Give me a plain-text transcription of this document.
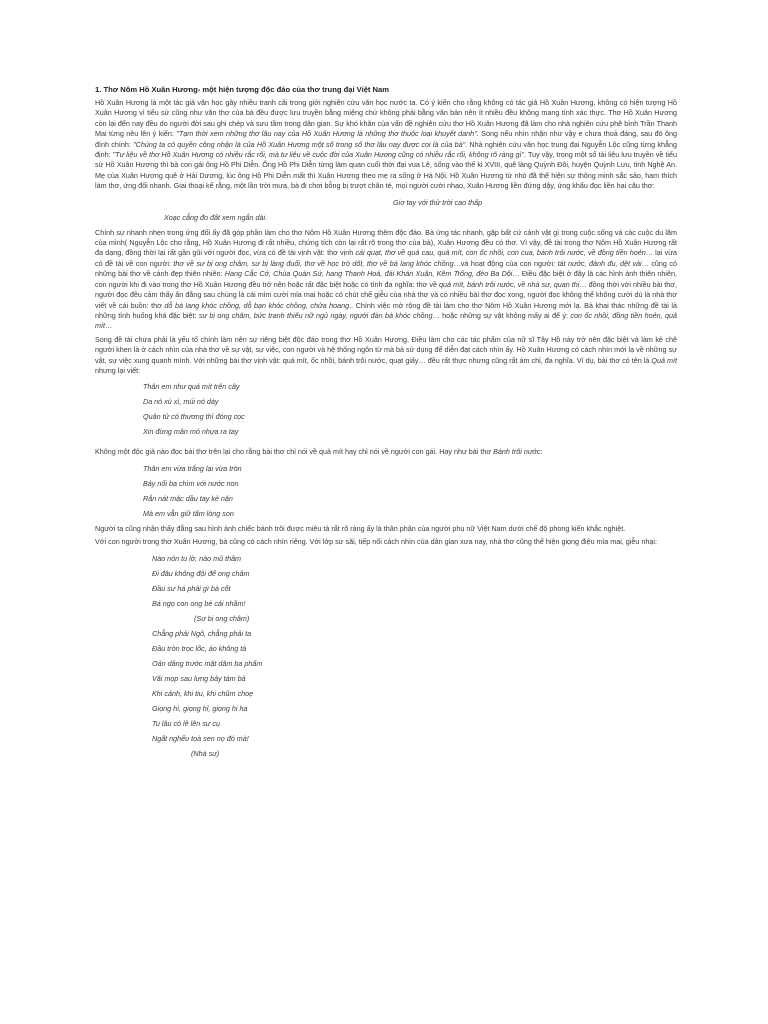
1. Thơ Nôm Hồ Xuân Hương- một hiện tượng độc đáo của thơ trung đại Việt Nam
Hồ Xuân Hương là một tác giả văn học gây nhiều tranh cãi trong giới nghiên cứu văn học nước ta. Có ý kiến cho rằng không có tác giả Hồ Xuân Hương, không có hiện tượng Hồ Xuân Hương vì tiểu sử cũng như văn thơ của bà đều được lưu truyền bằng miệng chứ không phải bằng văn bản nên ít nhiều đều không mang tính xác thực. Thơ Hồ Xuân Hương còn lại đến nay đều do người đời sau ghi chép và sưu tầm trong dân gian. Sự khó khăn của vấn đề nghiên cứu thơ Hồ Xuân Hương đã làm cho nhà nghiên cứu phê bình Trần Thanh Mai từng nêu lên ý kiến: "Tạm thời xem những thơ lâu nay của Hồ Xuân Hương là những thơ thuộc loại khuyết danh". Song nếu nhìn nhận như vậy e chưa thoả đáng, sau đó ông đính chính: "Chúng ta có quyền công nhận là của Hồ Xuân Hương một số trong số thơ lâu nay được coi là của bà". Nhà nghiên cứu văn học trung đại Nguyễn Lộc cũng từng khẳng định: "Tư liệu về thơ Hồ Xuân Hương có nhiều rắc rối, mà tư liệu về cuộc đời của Xuân Hương cũng có nhiều rắc rối, không rõ ràng gì". Tuy vậy, trong một số tài liệu lưu truyền về tiểu sử Hồ Xuân Hương thì bà con gái ông Hồ Phi Diễn. Ông Hồ Phi Diễn từng làm quan cuối thời đại vua Lê, sống vào thế kỉ XVIII, quê làng Quỳnh Đôi, huyện Quỳnh Lưu, tỉnh Nghệ An. Mẹ của Xuân Hương quê ở Hải Dương, lúc ông Hồ Phi Diễn mất thì Xuân Hương theo mẹ ra sống ở Hà Nội. Hồ Xuân Hương từ nhỏ đã thể hiện sự thông minh sắc sảo, ham thích làm thơ, ứng đối nhanh. Giai thoại kể rằng, một lần trời mưa, bà đi chơi bỗng bị trượt chân té, mọi người cười nhạo, Xuân Hương liền đứng dậy, ứng khẩu đọc liền hai câu thơ:
Giơ tay với thử trời cao thấp
Xoạc cẳng đo đất xem ngắn dài.
Chính sự nhanh nhẹn trong ứng đối ấy đã góp phần làm cho thơ Nôm Hồ Xuân Hương thêm độc đáo. Bà ứng tác nhanh, gặp bất cứ cảnh vật gì trong cuộc sống và các cuộc du lãm của mình( Nguyễn Lộc cho rằng, Hồ Xuân Hương đi rất nhiều, chứng tích còn lại rất rõ trong thơ của bà), Xuân Hương đều có thơ. Vì vậy, đề tài trong thơ Nôm Hồ Xuân Hương rất đa dạng, đồng thời lại rất gần gũi với người đọc, vừa có đề tài vịnh vật: thơ vịnh cái quạt, thơ về quả cau, quả mít, con ốc nhồi, con cua, bánh trôi nước, về đồng tiền hoẻn… lại vừa có đề tài về con người: thơ về sư bị ong châm, sư bị làng đuổi, thơ về học trò dốt, thơ về bà lang khóc chồng…và hoạt động của con người: tát nước, đánh đu, dệt vải… cũng có những bài thơ về cảnh đẹp thiên nhiên: Hang Cắc Cớ, Chùa Quán Sứ, hang Thanh Hoá, đài Khán Xuân, Kẽm Trống, đèo Ba Dội… Điều đặc biệt ở đây là các hình ảnh thiên nhiên, con người khi đi vào trong thơ Hồ Xuân Hương đều trở nên hoặc rất đặc biệt hoặc có tính đa nghĩa: thơ về quả mít, bánh trôi nước, về nhà sư, quan thị… đồng thời với nhiều bài thơ, người đọc đều cảm thấy ẩn đằng sau chúng là cái mỉm cười mỉa mai hoặc có chút chế giễu của nhà thơ và có nhiều bài thơ đọc xong, người đọc không thể không cười dù là nhà thơ viết về cái buồn: thơ dỗ bà lang khóc chồng, dỗ bạn khóc chồng, chửa hoang.. Chính việc mở rộng đề tài làm cho thơ Nôm Hồ Xuân Hương mới lạ. Bà khai thác những đề tài là những tình huống khá đặc biệt: sư bị ong châm, bức tranh thiếu nữ ngủ ngày, người đàn bà khóc chồng… hoặc những sự vật không mấy ai để ý: con ốc nhồi, đồng tiền hoẻn, quả mít…
Song đề tài chưa phải là yếu tố chính làm nên sự riêng biệt độc đáo trong thơ Hồ Xuân Hương. Điều làm cho các tác phẩm của nữ sĩ Tây Hồ này trở nên đặc biệt và làm kẻ chê người khen là ở cách nhìn của nhà thơ về sự vật, sự việc, con người và hệ thống ngôn từ mà bà sử dụng để diễn đạt cách nhìn ấy. Hồ Xuân Hương có cách nhìn mới lạ về những sự vật, sự việc xung quanh mình. Với những bài thơ vịnh vật: quả mít, ốc nhồi, bánh trôi nước, quạt giấy… đều rất thực nhưng cũng rất ám chỉ, đa nghĩa. Ví dụ, bài thơ có tên là Quả mít nhưng lại viết:
Thân em như quả mít trên cây
Da nó xù xì, múi nó dày
Quân tử có thương thì đóng cọc
Xin đừng mân mó nhựa ra tay
Không một độc giả nào đọc bài thơ trên lại cho rằng bài thơ chỉ nói về quả mít hay chỉ nói về người con gái. Hay như bài thơ Bánh trôi nước:
Thân em vừa trắng lại vừa tròn
Bảy nổi ba chìm với nước non
Rắn nát mặc dầu tay kẻ nặn
Mà em vẫn giữ tấm lòng son
Người ta cũng nhận thấy đằng sau hình ảnh chiếc bánh trôi được miêu tả rất rõ ràng ấy là thân phận của người phụ nữ Việt Nam dưới chế độ phong kiến khắc nghiệt.
Với con người trong thơ Xuân Hương, bà cũng có cách nhìn riêng. Với lớp sư sãi, tiếp nối cách nhìn của dân gian xưa nay, nhà thơ cũng thể hiện giọng điệu mỉa mai, giễu nhại:
Nào nón tu lờ, nào mũ thâm
Đi đâu không đội để ong châm
Đầu sư há phải gì bà cốt
Bá ngọ con ong bé cái nhầm!
(Sư bị ong châm)
Chẳng phải Ngô, chẳng phải ta
Đầu tròn trọc lốc, áo không tà
Oản dâng trước mặt dăm ba phẩm
Vãi mọp sau lưng bảy tám bà
Khi cảnh, khi tiu, khi chũm choẹ
Giọng hì, giọng hỉ, giọng hi ha
Tu lâu có lẽ lên sư cụ
Ngất nghểu toà sen nọ đó mà!
(Nhà sư)
